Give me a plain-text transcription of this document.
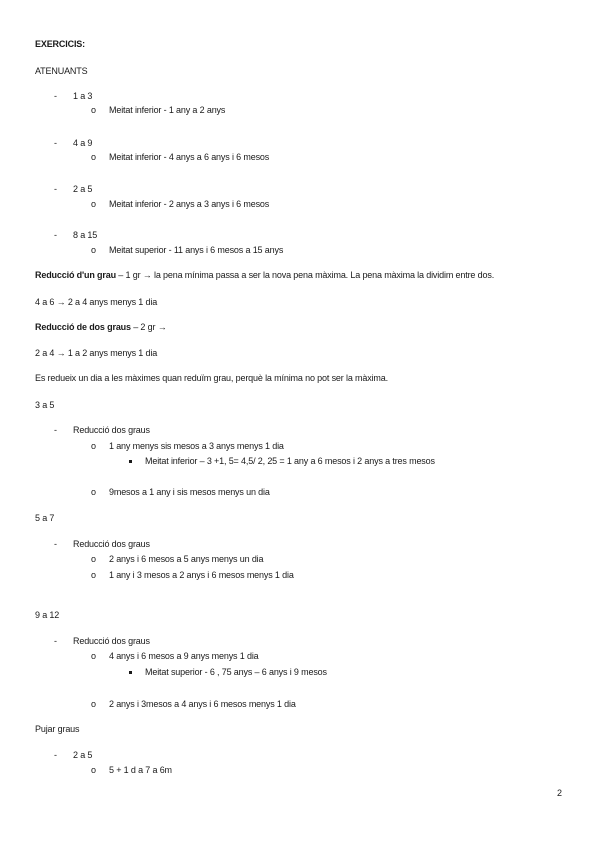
EXERCICIS:
ATENUANTS
- 1 a 3
o Meitat inferior - 1 any a 2 anys
- 4 a 9
o Meitat inferior - 4 anys a 6 anys i 6 mesos
- 2 a 5
o Meitat inferior - 2 anys a 3 anys i 6 mesos
- 8 a 15
o Meitat superior - 11 anys i 6 mesos a 15 anys
Reducció d'un grau – 1 gr → la pena mínima passa a ser la nova pena màxima. La pena màxima la dividim entre dos.
4 a 6 → 2 a 4 anys menys 1 dia
Reducció de dos graus – 2 gr →
2 a 4 → 1 a 2 anys menys 1 dia
Es redueix un dia a les màximes quan reduïm grau, perquè la mínima no pot ser la màxima.
3 a 5
- Reducció dos graus
o 1 any menys sis mesos a 3 anys menys 1 dia
Meitat inferior – 3 +1, 5= 4,5/ 2, 25 = 1 any a 6 mesos i 2 anys a tres mesos
o 9mesos a 1 any i sis mesos menys un dia
5 a 7
- Reducció dos graus
o 2 anys i 6 mesos a 5 anys menys un dia
o 1 any i 3 mesos a 2 anys i 6 mesos menys 1 dia
9 a 12
- Reducció dos graus
o 4 anys i 6 mesos a 9 anys menys 1 dia
Meitat superior - 6 , 75 anys – 6 anys i 9 mesos
o 2 anys i 3mesos a 4 anys i 6 mesos menys 1 dia
Pujar graus
- 2 a 5
o 5 + 1 d a 7 a 6m
2
